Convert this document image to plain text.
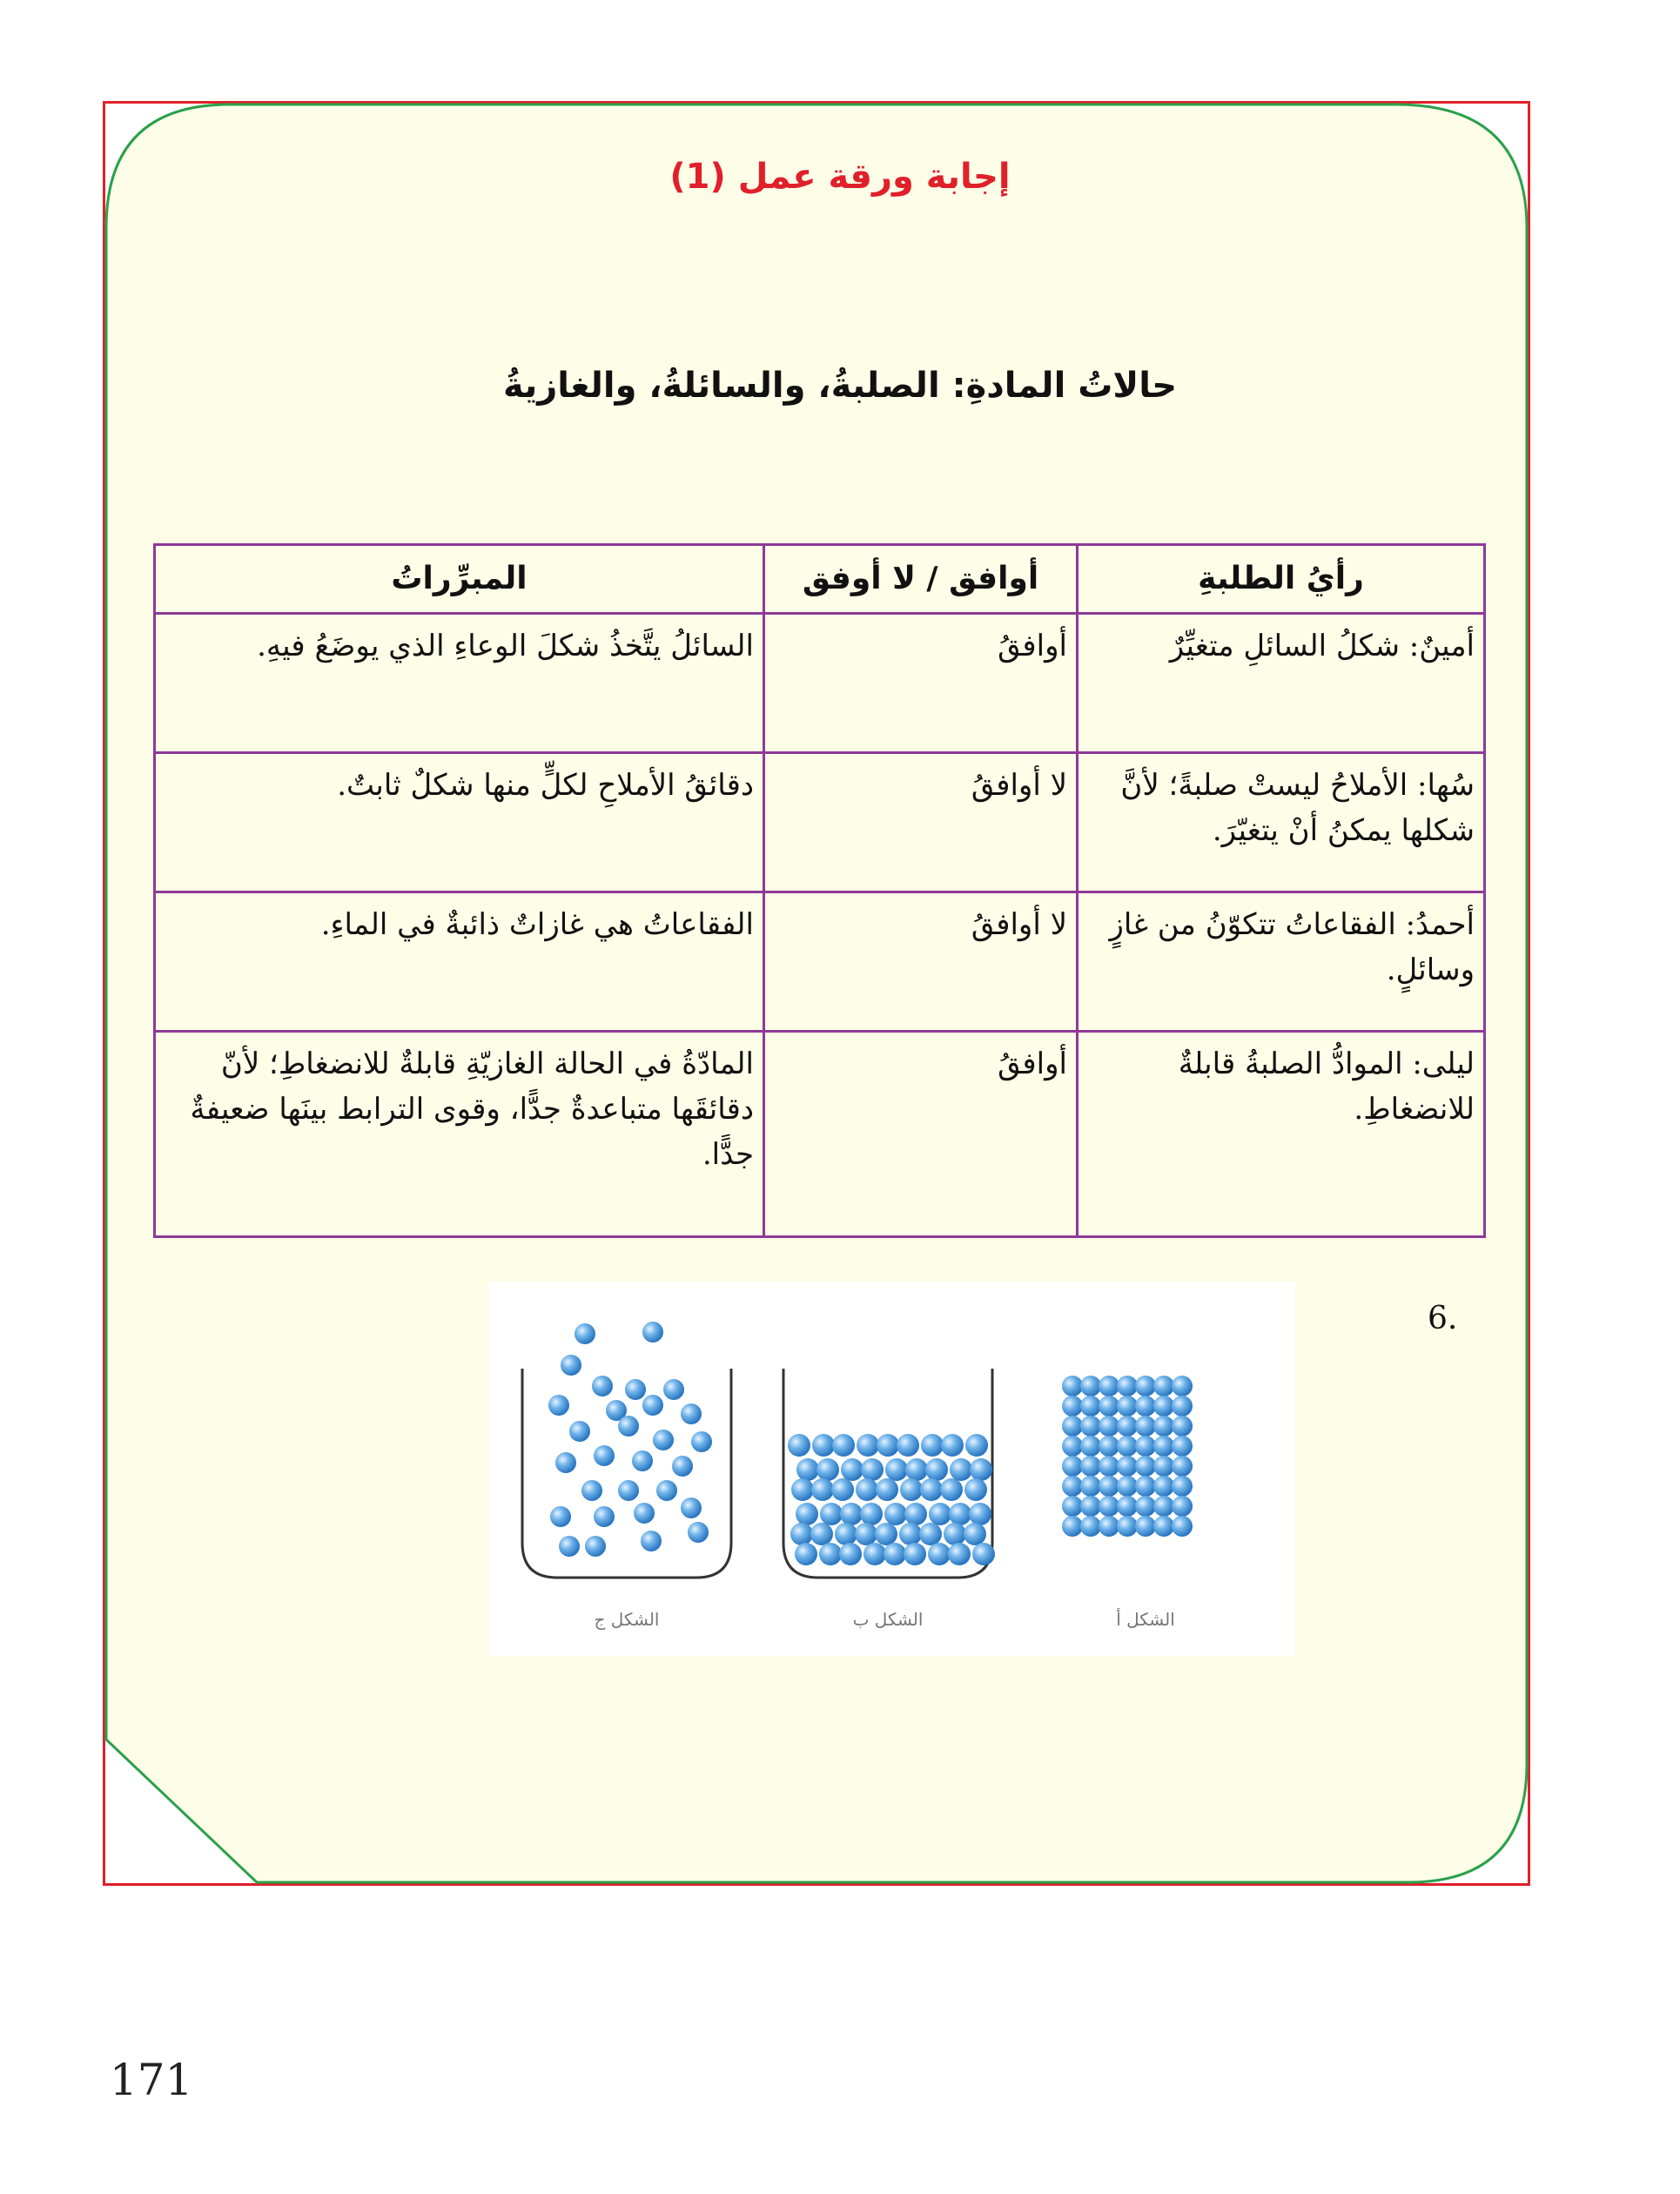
إجابة ورقة عمل (1)
حالاتُ المادةِ: الصلبةُ، والسائلةُ، والغازيةُ
رأيُ الطلبةِ	أوافق / لا أوفق	المبرِّراتُ
أمينٌ: شكلُ السائلِ متغيِّرٌ	أوافقُ	السائلُ يتَّخذُ شكلَ الوعاءِ الذي يوضَعُ فيهِ.
سُها: الأملاحُ ليستْ صلبةً؛ لأنَّ شكلها يمكنُ أنْ يتغيّرَ.	لا أوافقُ	دقائقُ الأملاحِ لكلٍّ منها شكلٌ ثابتٌ.
أحمدُ: الفقاعاتُ تتكوّنُ من غازٍ وسائلٍ.	لا أوافقُ	الفقاعاتُ هي غازاتٌ ذائبةٌ في الماءِ.
ليلى: الموادُّ الصلبةُ قابلةٌ للانضغاطِ.	أوافقُ	المادّةُ في الحالة الغازيّةِ قابلةٌ للانضغاطِ؛ لأنّ دقائقَها متباعدةٌ جدًّا، وقوى الترابط بينَها ضعيفةٌ جدًّا.
.6
الشكل أ
الشكل ب
الشكل ج
171
